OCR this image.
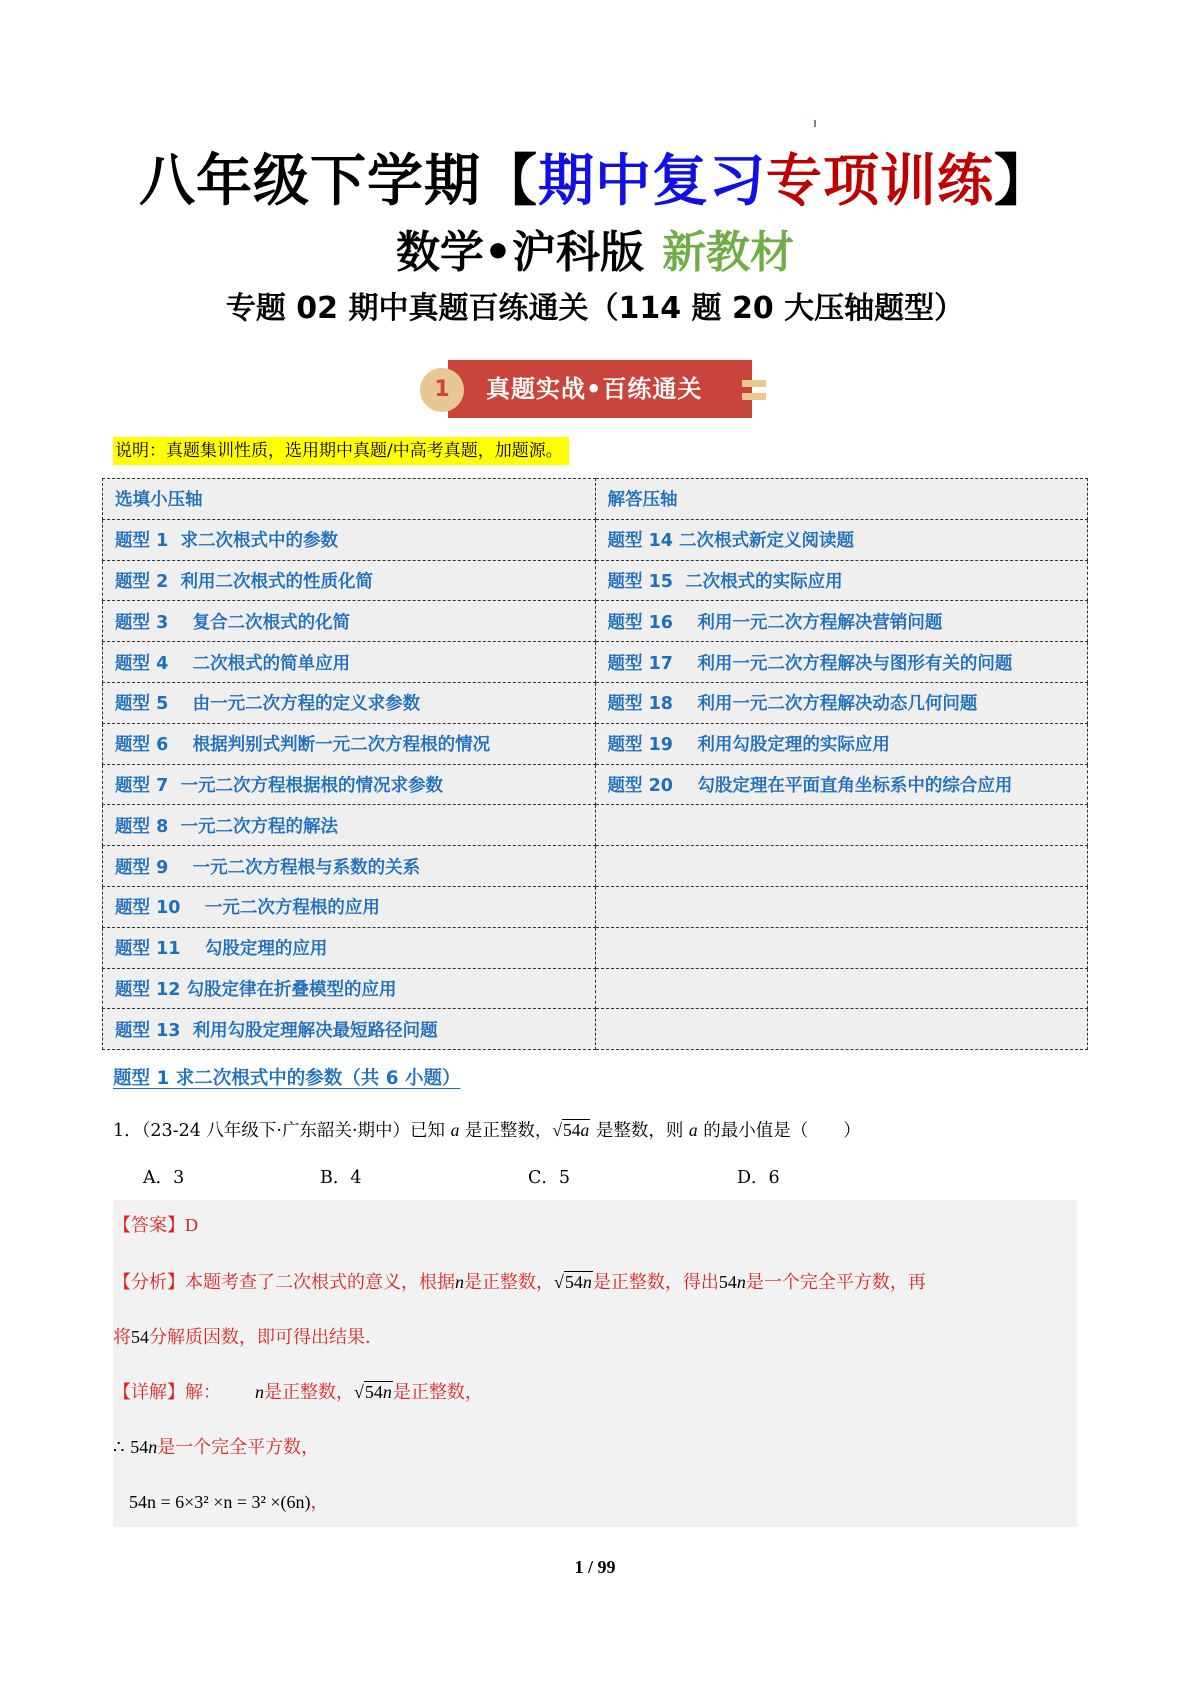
八年级下学期【期中复习专项训练】
数学•沪科版 新教材
专题 02 期中真题百练通关（114 题 20 大压轴题型）
1	真题实战•百练通关
说明：真题集训性质，选用期中真题/中高考真题，加题源。
选填小压轴	解答压轴
题型 1  求二次根式中的参数	题型 14 二次根式新定义阅读题
题型 2  利用二次根式的性质化简	题型 15  二次根式的实际应用
题型 3    复合二次根式的化简	题型 16    利用一元二次方程解决营销问题
题型 4    二次根式的简单应用	题型 17    利用一元二次方程解决与图形有关的问题
题型 5    由一元二次方程的定义求参数	题型 18    利用一元二次方程解决动态几何问题
题型 6    根据判别式判断一元二次方程根的情况	题型 19    利用勾股定理的实际应用
题型 7  一元二次方程根据根的情况求参数	题型 20    勾股定理在平面直角坐标系中的综合应用
题型 8  一元二次方程的解法	
题型 9    一元二次方程根与系数的关系	
题型 10    一元二次方程根的应用	
题型 11    勾股定理的应用	
题型 12 勾股定律在折叠模型的应用	
题型 13  利用勾股定理解决最短路径问题	
题型 1 求二次根式中的参数（共 6 小题）
1．（23-24 八年级下·广东韶关·期中）已知 a 是正整数，√54a 是整数，则 a 的最小值是（　　）
A．3	B．4	C．5	D．6
【答案】D
【分析】本题考查了二次根式的意义，根据n是正整数，√54n是正整数，得出54n是一个完全平方数，再
将54分解质因数，即可得出结果．
【详解】解： n是正整数，√54n是正整数，
∴ 54n是一个完全平方数，
54n = 6×3² ×n = 3² ×(6n)，
1 / 99
